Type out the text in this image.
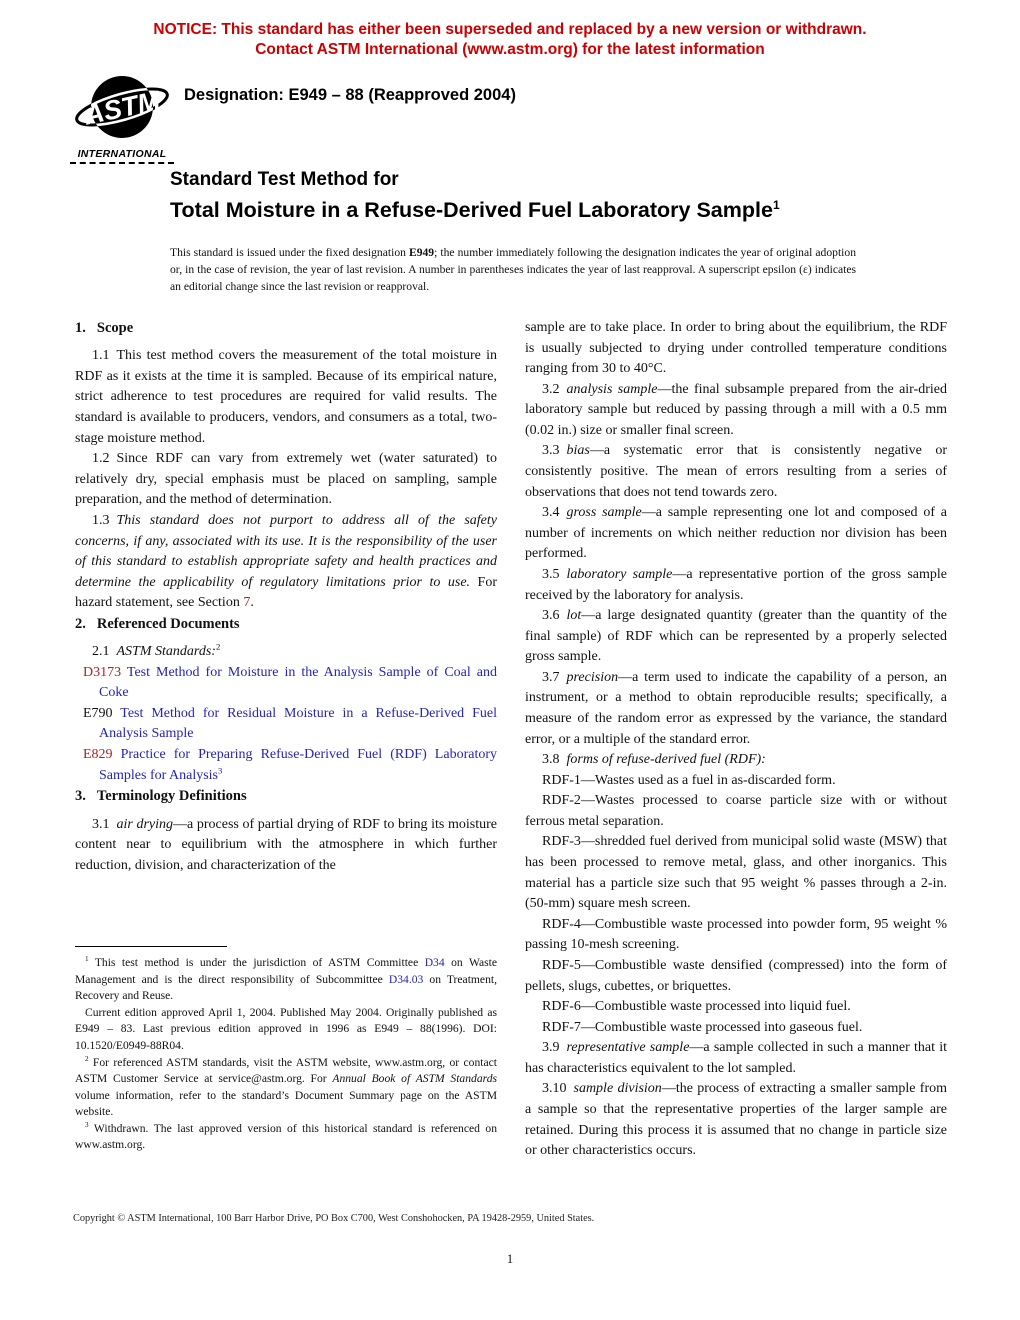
NOTICE: This standard has either been superseded and replaced by a new version or withdrawn.
Contact ASTM International (www.astm.org) for the latest information
ASTM
INTERNATIONAL
Designation: E949 – 88 (Reapproved 2004)
Standard Test Method for
Total Moisture in a Refuse-Derived Fuel Laboratory Sample$^1$
This standard is issued under the fixed designation E949; the number immediately following the designation indicates the year of original adoption or, in the case of revision, the year of last revision. A number in parentheses indicates the year of last reapproval. A superscript epsilon (ε) indicates an editorial change since the last revision or reapproval.
1. Scope

1.1 This test method covers the measurement of the total moisture in RDF as it exists at the time it is sampled. Because of its empirical nature, strict adherence to test procedures are required for valid results. The standard is available to producers, vendors, and consumers as a total, two-stage moisture method.

1.2 Since RDF can vary from extremely wet (water saturated) to relatively dry, special emphasis must be placed on sampling, sample preparation, and the method of determination.

1.3 This standard does not purport to address all of the safety concerns, if any, associated with its use. It is the responsibility of the user of this standard to establish appropriate safety and health practices and determine the applicability of regulatory limitations prior to use. For hazard statement, see Section 7.

2. Referenced Documents

2.1 ASTM Standards:$^2$

D3173 Test Method for Moisture in the Analysis Sample of Coal and Coke

E790 Test Method for Residual Moisture in a Refuse-Derived Fuel Analysis Sample

E829 Practice for Preparing Refuse-Derived Fuel (RDF) Laboratory Samples for Analysis$^3$

3. Terminology Definitions

3.1 air drying—a process of partial drying of RDF to bring its moisture content near to equilibrium with the atmosphere in which further reduction, division, and characterization of the

$^1$ This test method is under the jurisdiction of ASTM Committee D34 on Waste Management and is the direct responsibility of Subcommittee D34.03 on Treatment, Recovery and Reuse.

Current edition approved April 1, 2004. Published May 2004. Originally published as E949 – 83. Last previous edition approved in 1996 as E949 – 88(1996). DOI: 10.1520/E0949-88R04.

$^2$ For referenced ASTM standards, visit the ASTM website, www.astm.org, or contact ASTM Customer Service at service@astm.org. For Annual Book of ASTM Standards volume information, refer to the standard’s Document Summary page on the ASTM website.

$^3$ Withdrawn. The last approved version of this historical standard is referenced on www.astm.org.

sample are to take place. In order to bring about the equilibrium, the RDF is usually subjected to drying under controlled temperature conditions ranging from 30 to 40°C.

3.2 analysis sample—the final subsample prepared from the air-dried laboratory sample but reduced by passing through a mill with a 0.5 mm (0.02 in.) size or smaller final screen.

3.3 bias—a systematic error that is consistently negative or consistently positive. The mean of errors resulting from a series of observations that does not tend towards zero.

3.4 gross sample—a sample representing one lot and composed of a number of increments on which neither reduction nor division has been performed.

3.5 laboratory sample—a representative portion of the gross sample received by the laboratory for analysis.

3.6 lot—a large designated quantity (greater than the quantity of the final sample) of RDF which can be represented by a properly selected gross sample.

3.7 precision—a term used to indicate the capability of a person, an instrument, or a method to obtain reproducible results; specifically, a measure of the random error as expressed by the variance, the standard error, or a multiple of the standard error.

3.8 forms of refuse-derived fuel (RDF):

RDF-1—Wastes used as a fuel in as-discarded form.

RDF-2—Wastes processed to coarse particle size with or without ferrous metal separation.

RDF-3—shredded fuel derived from municipal solid waste (MSW) that has been processed to remove metal, glass, and other inorganics. This material has a particle size such that 95 weight % passes through a 2-in. (50-mm) square mesh screen.

RDF-4—Combustible waste processed into powder form, 95 weight % passing 10-mesh screening.

RDF-5—Combustible waste densified (compressed) into the form of pellets, slugs, cubettes, or briquettes.

RDF-6—Combustible waste processed into liquid fuel.

RDF-7—Combustible waste processed into gaseous fuel.

3.9 representative sample—a sample collected in such a manner that it has characteristics equivalent to the lot sampled.

3.10 sample division—the process of extracting a smaller sample from a sample so that the representative properties of the larger sample are retained. During this process it is assumed that no change in particle size or other characteristics occurs.

Copyright © ASTM International, 100 Barr Harbor Drive, PO Box C700, West Conshohocken, PA 19428-2959, United States.
1
